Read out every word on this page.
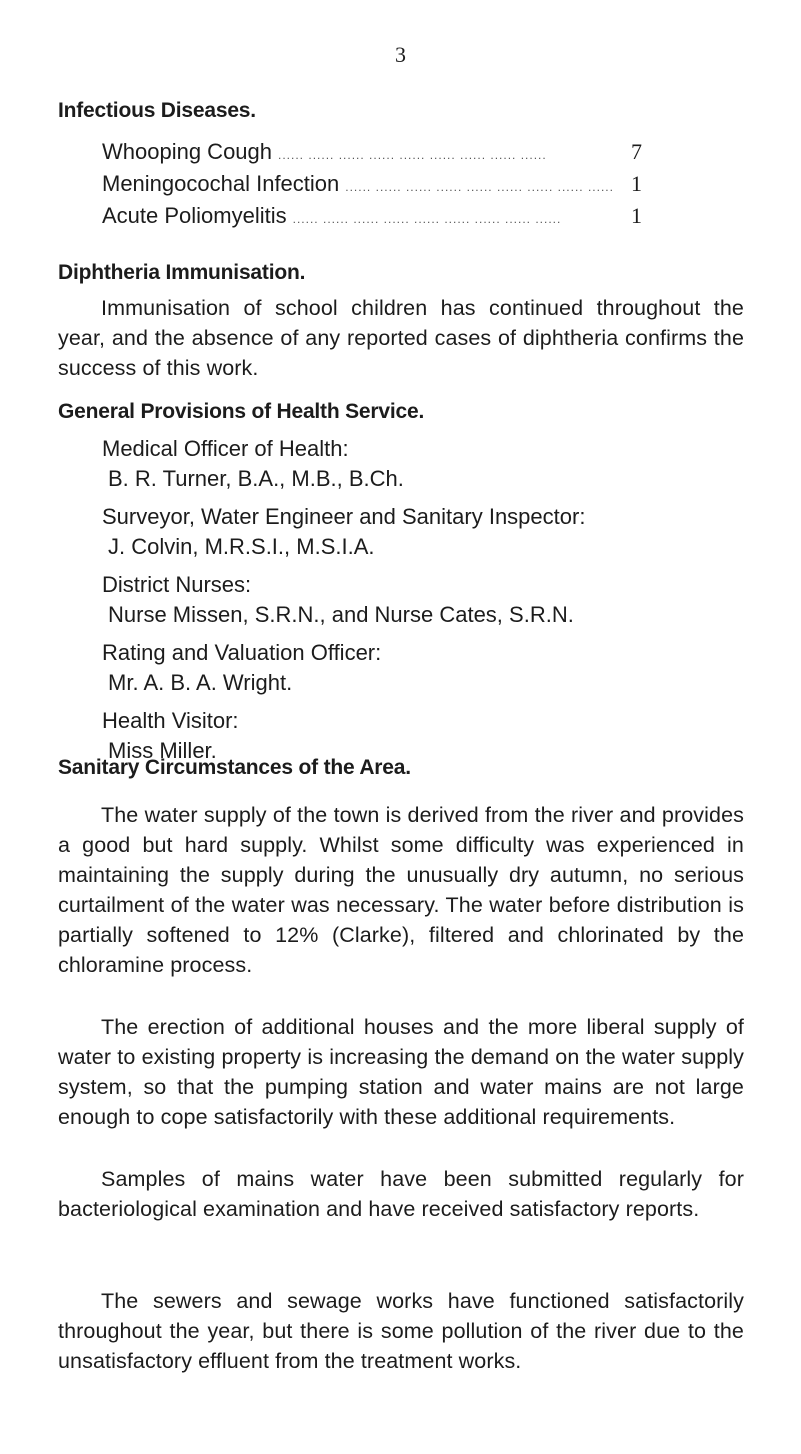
3
Infectious Diseases.
Whooping Cough .....	7
Meningocochal Infection .....	1
Acute Poliomyelitis .....	1
Diphtheria Immunisation.

Immunisation of school children has continued throughout the year, and the absence of any reported cases of diphtheria confirms the success of this work.

General Provisions of Health Service.
Medical Officer of Health:
B. R. Turner, B.A., M.B., B.Ch.
Surveyor, Water Engineer and Sanitary Inspector:
J. Colvin, M.R.S.I., M.S.I.A.
District Nurses:
Nurse Missen, S.R.N., and Nurse Cates, S.R.N.
Rating and Valuation Officer:
Mr. A. B. A. Wright.
Health Visitor:
Miss Miller.
Sanitary Circumstances of the Area.

The water supply of the town is derived from the river and provides a good but hard supply. Whilst some difficulty was experienced in maintaining the supply during the unusually dry autumn, no serious curtailment of the water was necessary. The water before distribution is partially softened to 12% (Clarke), filtered and chlorinated by the chloramine process.

The erection of additional houses and the more liberal supply of water to existing property is increasing the demand on the water supply system, so that the pumping station and water mains are not large enough to cope satisfactorily with these additional requirements.

Samples of mains water have been submitted regularly for bacteriological examination and have received satisfactory reports.

The sewers and sewage works have functioned satisfactorily throughout the year, but there is some pollution of the river due to the unsatisfactory effluent from the treatment works.
